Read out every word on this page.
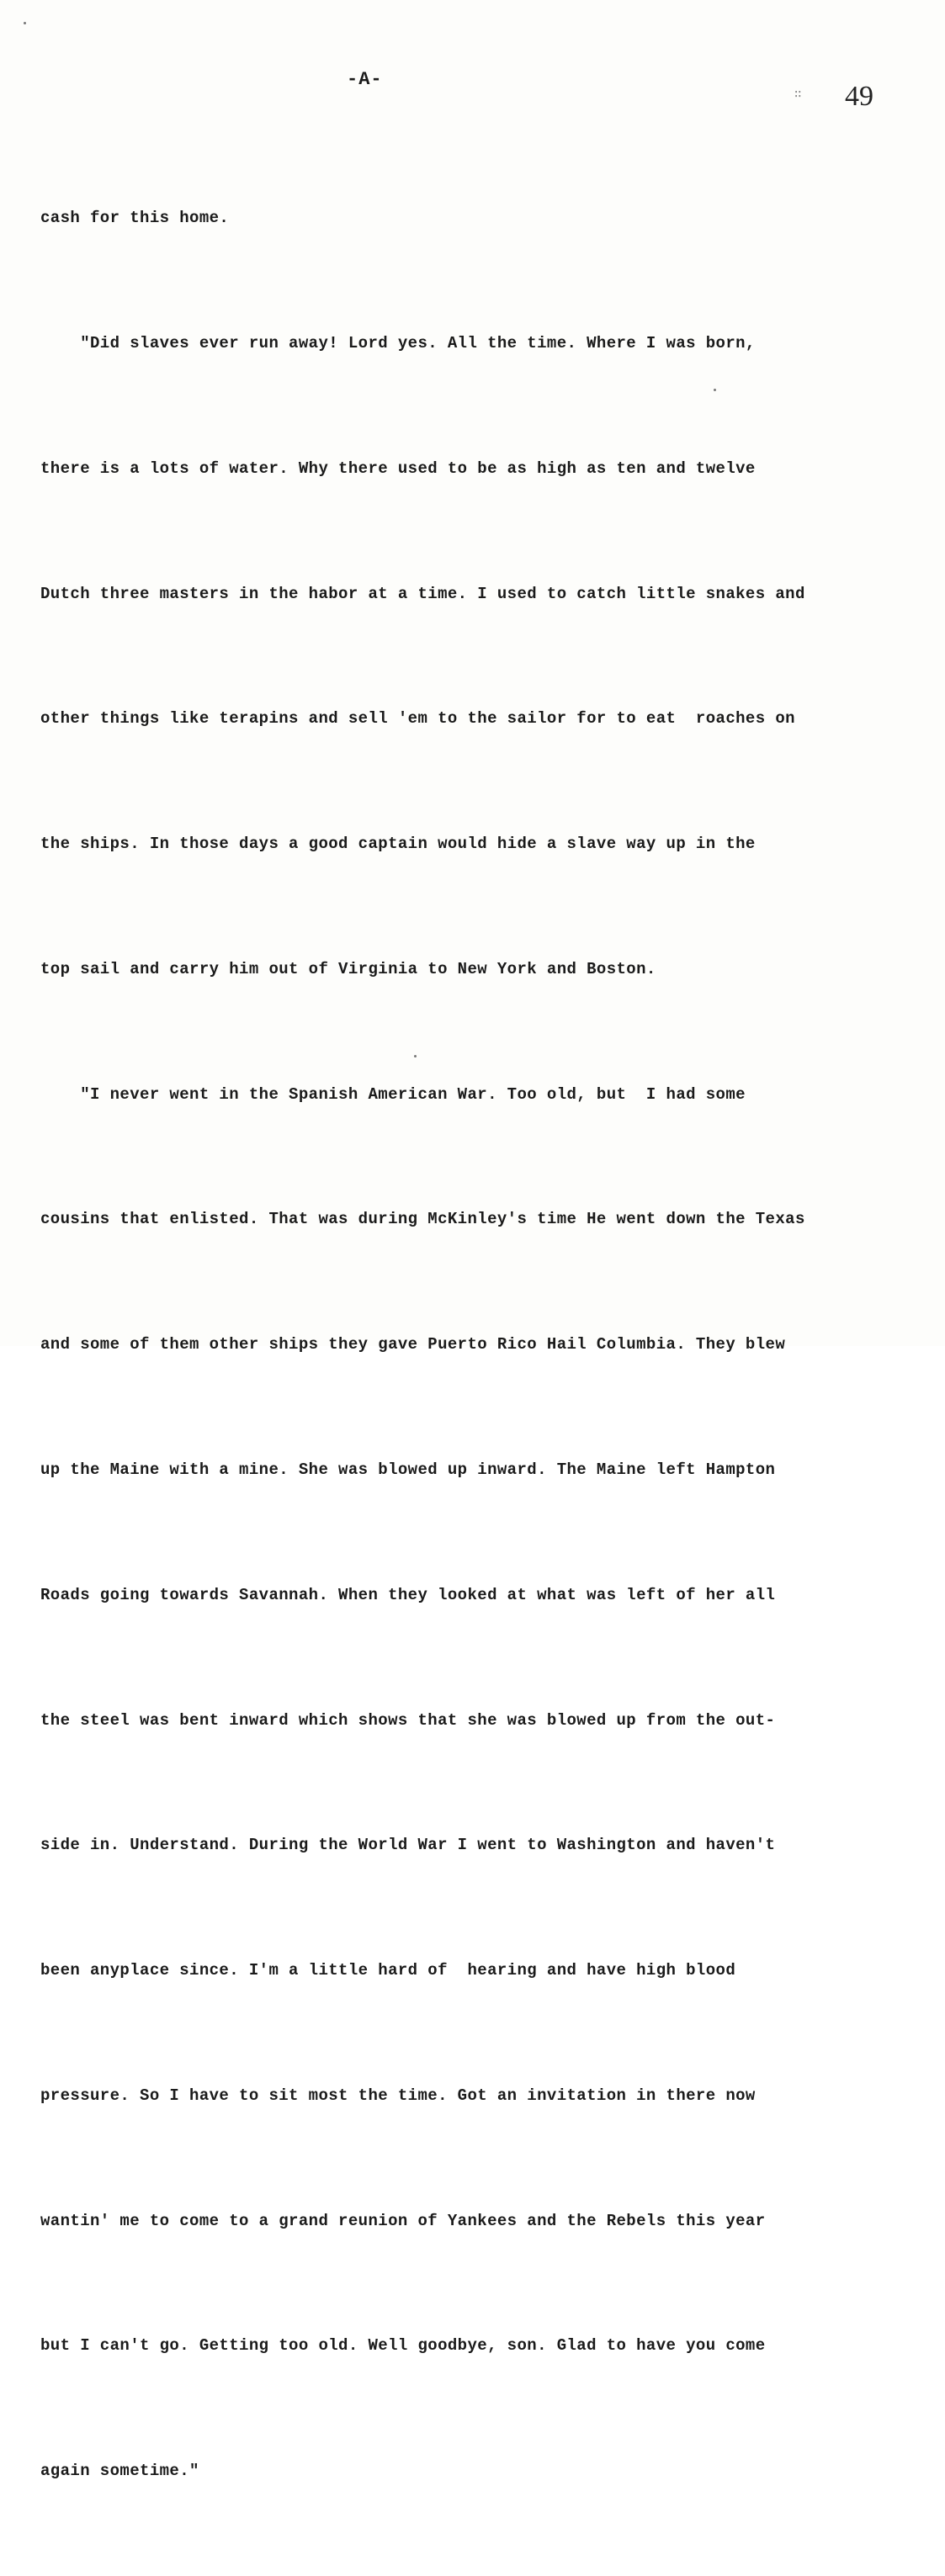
-A-
∷ 49

cash for this home.

"Did slaves ever run away! Lord yes. All the time. Where I was born,

there is a lots of water. Why there used to be as high as ten and twelve

Dutch three masters in the habor at a time. I used to catch little snakes and

other things like terapins and sell 'em to the sailor for to eat  roaches on

the ships. In those days a good captain would hide a slave way up in the

top sail and carry him out of Virginia to New York and Boston.

"I never went in the Spanish American War. Too old, but  I had some

cousins that enlisted. That was during McKinley's time He went down the Texas

and some of them other ships they gave Puerto Rico Hail Columbia. They blew

up the Maine with a mine. She was blowed up inward. The Maine left Hampton

Roads going towards Savannah. When they looked at what was left of her all

the steel was bent inward which shows that she was blowed up from the out-

side in. Understand. During the World War I went to Washington and haven't

been anyplace since. I'm a little hard of  hearing and have high blood

pressure. So I have to sit most the time. Got an invitation in there now

wantin' me to come to a grand reunion of Yankees and the Rebels this year

but I can't go. Getting too old. Well goodbye, son. Glad to have you come

again sometime."
